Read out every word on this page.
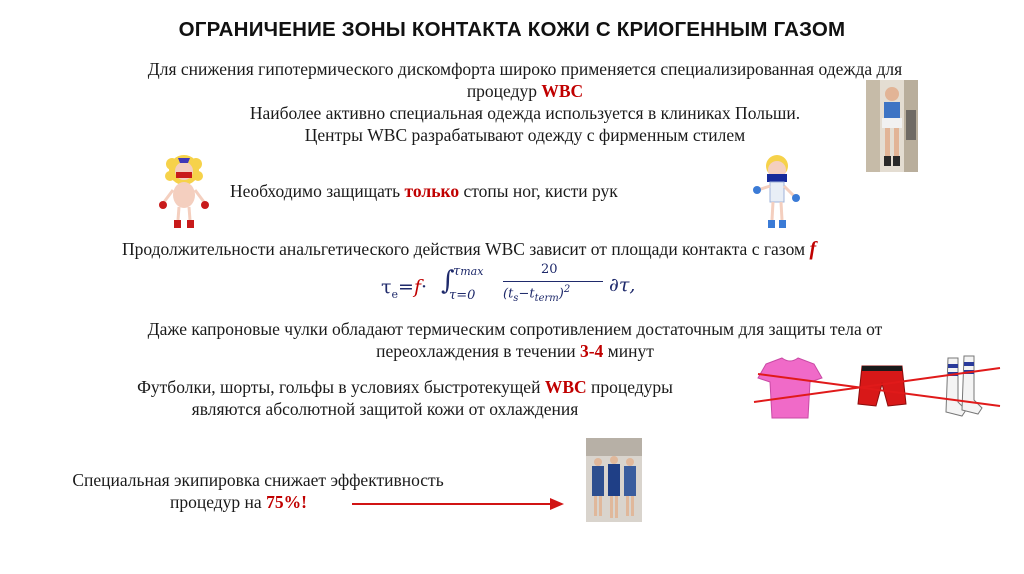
ОГРАНИЧЕНИЕ ЗОНЫ КОНТАКТА КОЖИ С КРИОГЕННЫМ ГАЗОМ
Для снижения гипотермического дискомфорта широко применяется специализированная одежда для
процедур WBC
Наиболее активно специальная одежда используется в клиниках Польши.
Центры WBC разрабатывают одежду с фирменным стилем
Необходимо защищать только стопы ног, кисти рук
Продолжительности анальгетического действия WBC зависит от площади контакта с газом f
$\tau_e=f\cdot$ ∫
τmax
τ=0
20
$(t_s-t_{term})^2$ ∂τ,
Даже капроновые чулки обладают термическим сопротивлением достаточным для защиты тела от
переохлаждения в течении 3-4 минут
Футболки, шорты, гольфы в условиях быстротекущей WBC процедуры
являются абсолютной защитой кожи от охлаждения
Специальная экипировка снижает эффективность
процедур на 75%!
